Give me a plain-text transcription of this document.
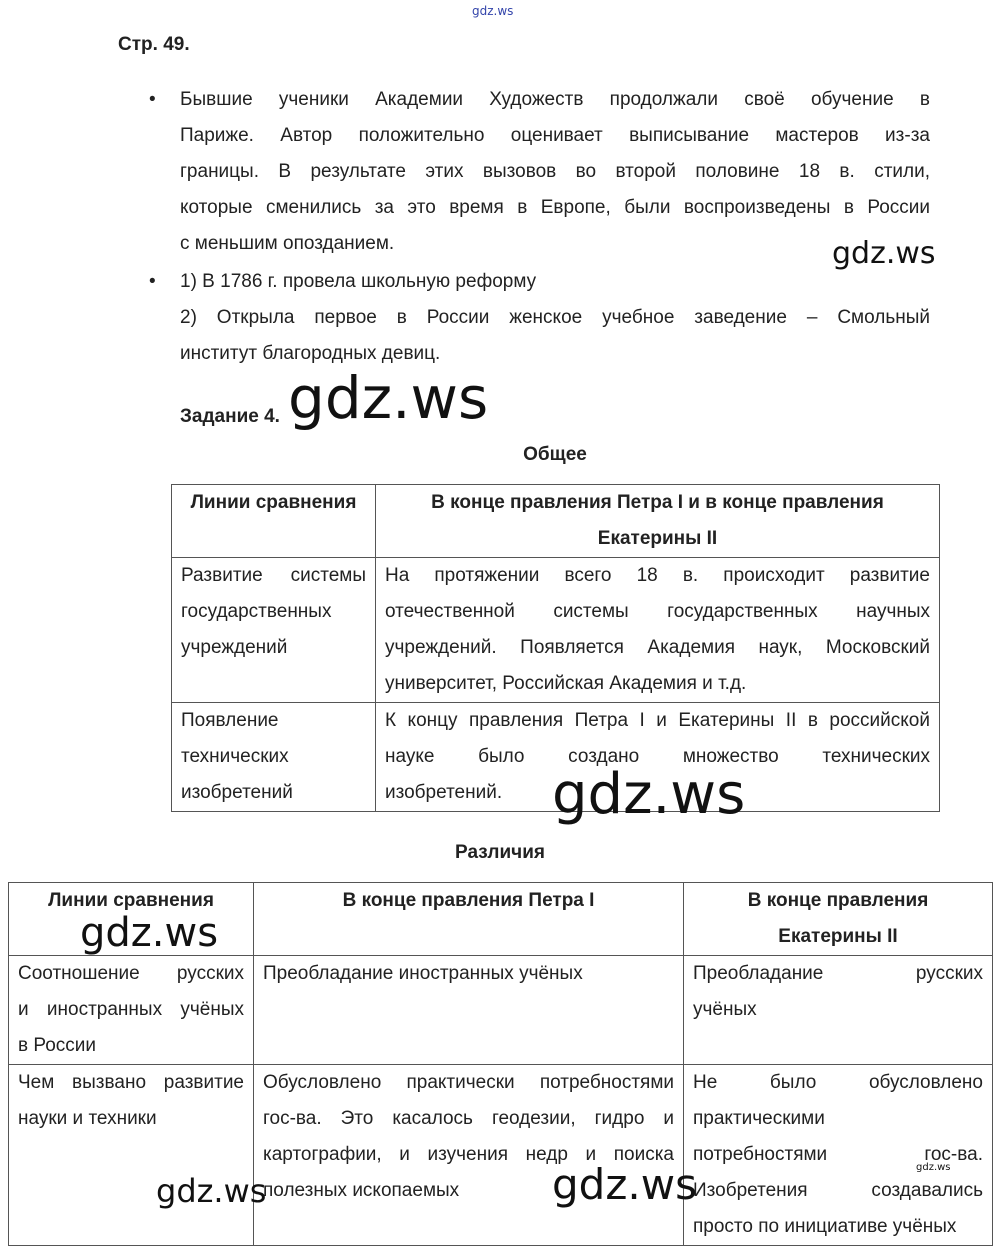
gdz.ws
Стр. 49.
• Бывшие ученики Академии Художеств продолжали своё обучение в
Париже. Автор положительно оценивает выписывание мастеров из-за
границы. В результате этих вызовов во второй половине 18 в. стили,
которые сменились за это время в Европе, были воспроизведены в России
с меньшим опозданием.
• 1) В 1786 г. провела школьную реформу
2) Открыла первое в России женское учебное заведение – Смольный
институт благородных девиц.
Задание 4.
Общее
Линии сравнения	В конце правления Петра I и в конце правления
Екатерины II

Развитие системы
государственных
учреждений	На протяжении всего 18 в. происходит развитие
отечественной системы государственных научных
учреждений. Появляется Академия наук, Московский
университет, Российская Академия и т.д.

Появление
технических
изобретений	К концу правления Петра I и Екатерины II в российской
науке было создано множество технических
изобретений.
Различия
Линии сравнения	В конце правления Петра I	В конце правления
Екатерины II

Соотношение русских
и иностранных учёных
в России	Преобладание иностранных учёных	Преобладание русских
учёных

Чем вызвано развитие
науки и техники	Обусловлено практически потребностями
гос-ва. Это касалось геодезии, гидро и
картографии, и изучения недр и поиска
полезных ископаемых	Не было обусловлено
практическими
потребностями гос-ва.
Изобретения создавались
просто по инициативе учёных
gdz.ws
gdz.ws
gdz.ws
gdz.ws
gdz.ws	gdz.ws	gdz.ws
